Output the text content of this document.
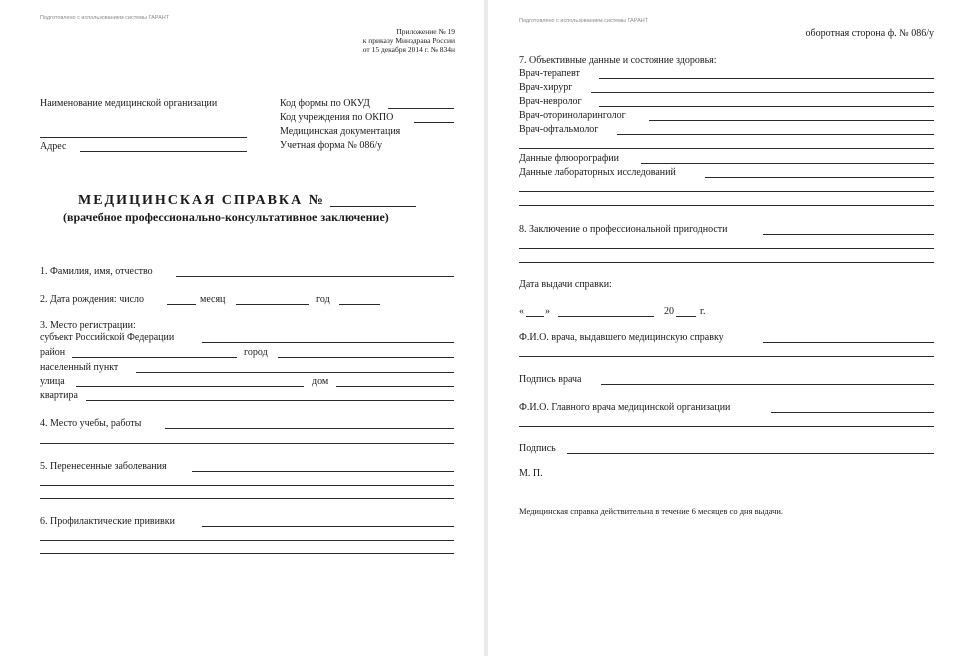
Подготовлено с использованием системы ГАРАНТ
Приложение № 19
к приказу Минздрава России
от 15 декабря 2014 г. № 834н
Наименование медицинской организации
Адрес
Код формы по ОКУД
Код учреждения по ОКПО
Медицинская документация
Учетная форма № 086/у
МЕДИЦИНСКАЯ СПРАВКА №
(врачебное профессионально-консультативное заключение)
1. Фамилия, имя, отчество
2. Дата рождения: число	месяц	год
3. Место регистрации:
субъект Российской Федерации
район	город
населенный пункт
улица	дом
квартира
4. Место учебы, работы
5. Перенесенные заболевания
6. Профилактические прививки
Подготовлено с использованием системы ГАРАНТ
оборотная сторона ф. № 086/у
7. Объективные данные и состояние здоровья:
Врач-терапевт
Врач-хирург
Врач-невролог
Врач-оториноларинголог
Врач-офтальмолог
Данные флюорографии
Данные лабораторных исследований
8. Заключение о профессиональной пригодности
Дата выдачи справки:
« »	20	г.
Ф.И.О. врача, выдавшего медицинскую справку
Подпись врача
Ф.И.О. Главного врача медицинской организации
Подпись
М. П.
Медицинская справка действительна в течение 6 месяцев со дня выдачи.
